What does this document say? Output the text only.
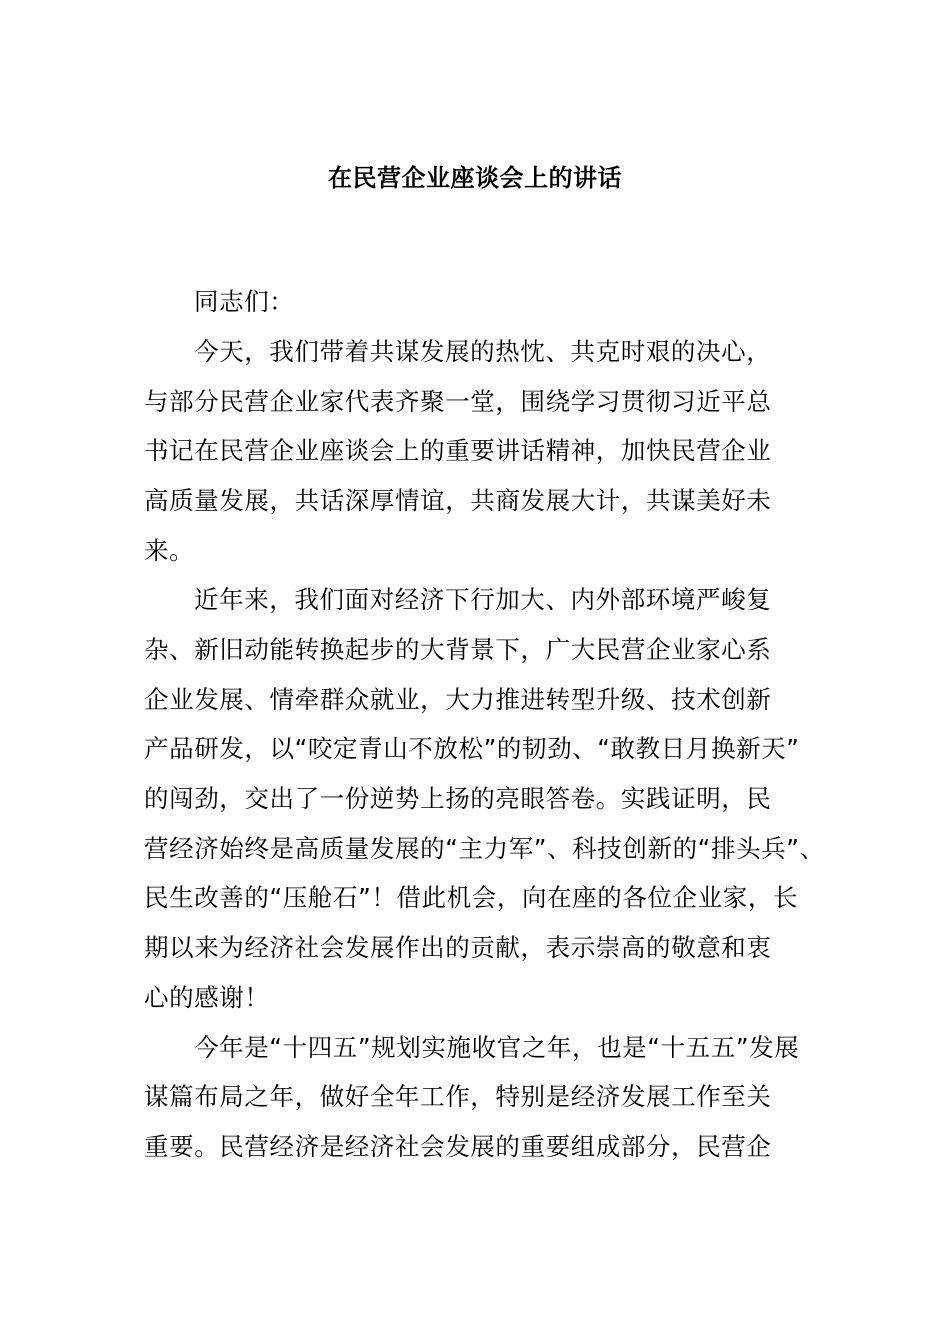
在民营企业座谈会上的讲话
同志们：
今天，我们带着共谋发展的热忱、共克时艰的决心，
与部分民营企业家代表齐聚一堂，围绕学习贯彻习近平总
书记在民营企业座谈会上的重要讲话精神，加快民营企业
高质量发展，共话深厚情谊，共商发展大计，共谋美好未
来。
近年来，我们面对经济下行加大、内外部环境严峻复
杂、新旧动能转换起步的大背景下，广大民营企业家心系
企业发展、情牵群众就业，大力推进转型升级、技术创新
产品研发，以“咬定青山不放松”的韧劲、“敢教日月换新天”
的闯劲，交出了一份逆势上扬的亮眼答卷。实践证明，民
营经济始终是高质量发展的“主力军”、科技创新的“排头兵”、
民生改善的“压舱石”！借此机会，向在座的各位企业家，长
期以来为经济社会发展作出的贡献，表示崇高的敬意和衷
心的感谢！
今年是“十四五”规划实施收官之年，也是“十五五”发展
谋篇布局之年，做好全年工作，特别是经济发展工作至关
重要。民营经济是经济社会发展的重要组成部分，民营企
